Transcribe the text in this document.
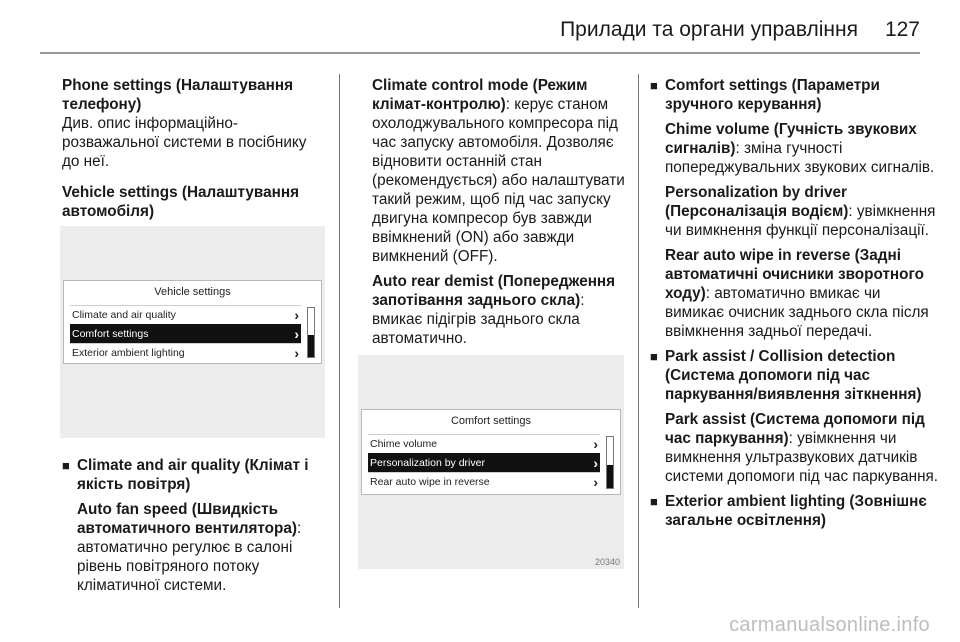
Прилади та органи управління 127
Phone settings (Налаштування телефону)
Див. опис інформаційно-розважальної системи в посібнику до неї.
Vehicle settings (Налаштування автомобіля)
Vehicle settings
Climate and air quality	›
Comfort settings	›
Exterior ambient lighting	›
■ Climate and air quality (Клімат і якість повітря)
Auto fan speed (Швидкість автоматичного вентилятора): автоматично регулює в салоні рівень повітряного потоку кліматичної системи.
Climate control mode (Режим клімат-контролю): керує станом охолоджувального компресора під час запуску автомобіля. Дозволяє відновити останній стан (рекомендується) або налаштувати такий режим, щоб під час запуску двигуна компресор був завжди ввімкнений (ON) або завжди вимкнений (OFF).
Auto rear demist (Попередження запотівання заднього скла): вмикає підігрів заднього скла автоматично.
Comfort settings
Chime volume	›
Personalization by driver	›
Rear auto wipe in reverse	›
20340
■ Comfort settings (Параметри зручного керування)
Chime volume (Гучність звукових сигналів): зміна гучності попереджувальних звукових сигналів.
Personalization by driver (Персоналізація водієм): увімкнення чи вимкнення функції персоналізації.
Rear auto wipe in reverse (Задні автоматичні очисники зворотного ходу): автоматично вмикає чи вимикає очисник заднього скла після ввімкнення задньої передачі.
■ Park assist / Collision detection (Система допомоги під час паркування/виявлення зіткнення)
Park assist (Система допомоги під час паркування): увімкнення чи вимкнення ультразвукових датчиків системи допомоги під час паркування.
■ Exterior ambient lighting (Зовнішнє загальне освітлення)
carmanualsonline.info
